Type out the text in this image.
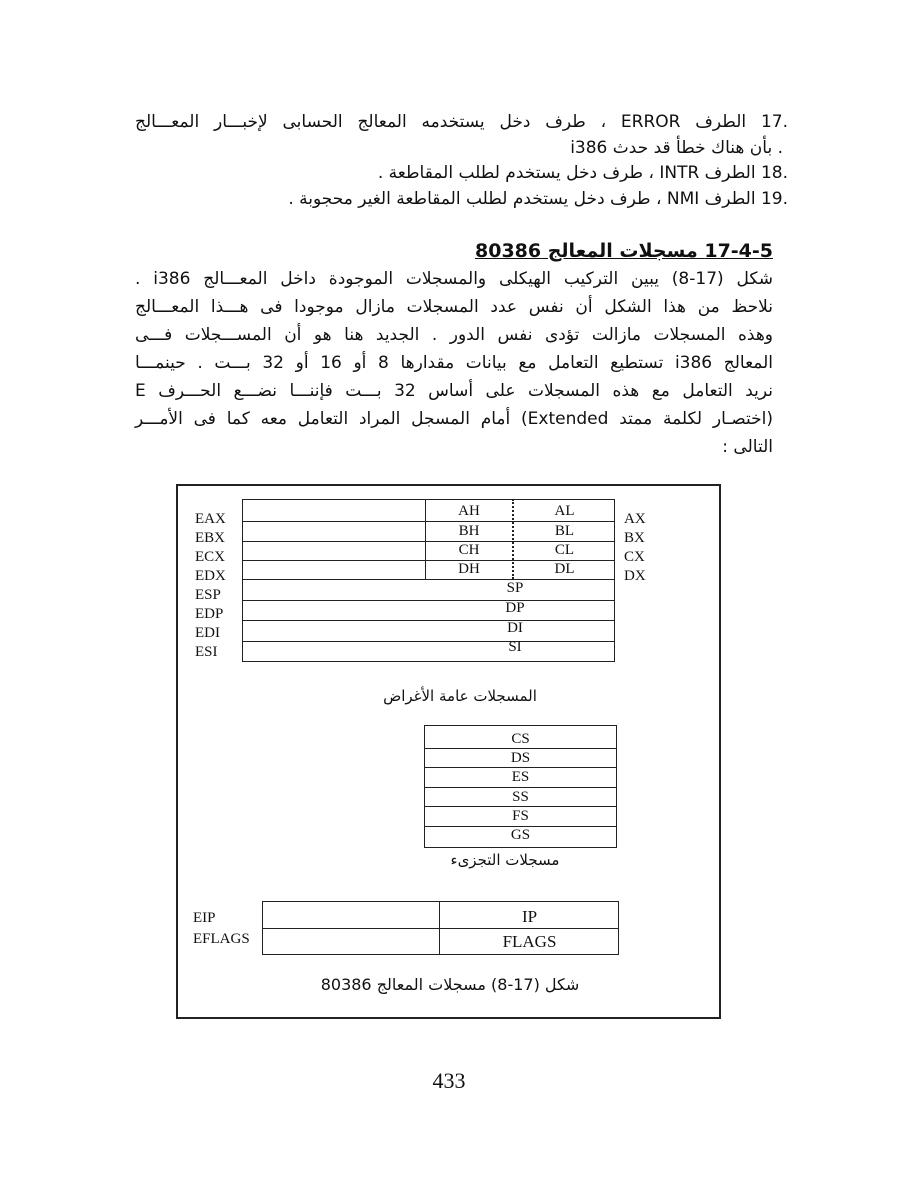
.17 الطرف ERROR ، طرف دخل يستخدمه المعالج الحسابى لإخبـــار المعـــالج
i386 بأن هناك خطأ قد حدث .
.18 الطرف INTR ، طرف دخل يستخدم لطلب المقاطعة .
.19 الطرف NMI ، طرف دخل يستخدم لطلب المقاطعة الغير محجوبة .
17-4-5 مسجلات المعالج 80386
شكل (17-8) يبين التركيب الهيكلى والمسجلات الموجودة داخل المعـــالج i386 .
نلاحظ من هذا الشكل أن نفس عدد المسجلات مازال موجودا فى هـــذا المعـــالج
وهذه المسجلات مازالت تؤدى نفس الدور . الجديد هنا هو أن المســـجلات فـــى
المعالج i386 تستطيع التعامل مع بيانات مقدارها 8 أو 16 أو 32 بـــت . حينمـــا
نريد التعامل مع هذه المسجلات على أساس 32 بـــت فإننـــا نضـــع الحـــرف E
(اختصـار لكلمة ممتد Extended) أمام المسجل المراد التعامل معه كما فى الأمـــر
التالى :
EAX
EBX
ECX
EDX
ESP
EDP
EDI
ESI
AX
BX
CX
DX
AH
BH
CH
DH
AL
BL
CL
DL
SP
DP
DI
SI
المسجلات عامة الأغراض
CS
DS
ES
SS
FS
GS
مسجلات التجزىء
EIP
EFLAGS
IP
FLAGS
شكل (17-8) مسجلات المعالج 80386
433
